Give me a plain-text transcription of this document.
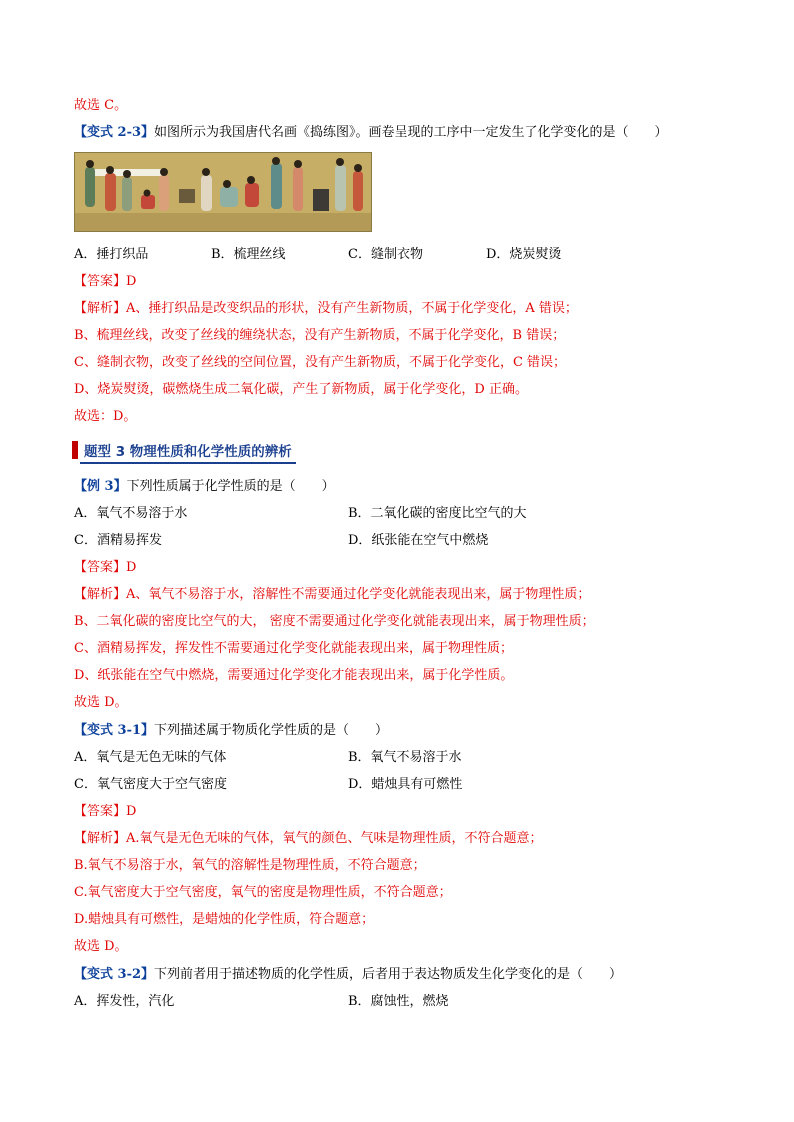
故选 C。
【变式 2-3】如图所示为我国唐代名画《捣练图》。画卷呈现的工序中一定发生了化学变化的是（　　）
A．捶打织品	B．梳理丝线	C．缝制衣物	D．烧炭熨烫
【答案】D
【解析】A、捶打织品是改变织品的形状，没有产生新物质，不属于化学变化，A 错误；
B、梳理丝线，改变了丝线的缠绕状态，没有产生新物质，不属于化学变化，B 错误；
C、缝制衣物，改变了丝线的空间位置，没有产生新物质，不属于化学变化，C 错误；
D、烧炭熨烫，碳燃烧生成二氧化碳，产生了新物质，属于化学变化，D 正确。
故选：D。
题型 3 物理性质和化学性质的辨析
【例 3】下列性质属于化学性质的是（　　）
A．氧气不易溶于水	B．二氧化碳的密度比空气的大
C．酒精易挥发	D．纸张能在空气中燃烧
【答案】D
【解析】A、氧气不易溶于水，溶解性不需要通过化学变化就能表现出来，属于物理性质；
B、二氧化碳的密度比空气的大， 密度不需要通过化学变化就能表现出来，属于物理性质；
C、酒精易挥发，挥发性不需要通过化学变化就能表现出来，属于物理性质；
D、纸张能在空气中燃烧，需要通过化学变化才能表现出来，属于化学性质。
故选 D。
【变式 3-1】下列描述属于物质化学性质的是（　　）
A．氧气是无色无味的气体	B．氧气不易溶于水
C．氧气密度大于空气密度	D．蜡烛具有可燃性
【答案】D
【解析】A.氧气是无色无味的气体，氧气的颜色、气味是物理性质，不符合题意；
B.氧气不易溶于水，氧气的溶解性是物理性质，不符合题意；
C.氧气密度大于空气密度，氧气的密度是物理性质，不符合题意；
D.蜡烛具有可燃性，是蜡烛的化学性质，符合题意；
故选 D。
【变式 3-2】下列前者用于描述物质的化学性质，后者用于表达物质发生化学变化的是（　　）
A．挥发性，汽化	B．腐蚀性，燃烧
